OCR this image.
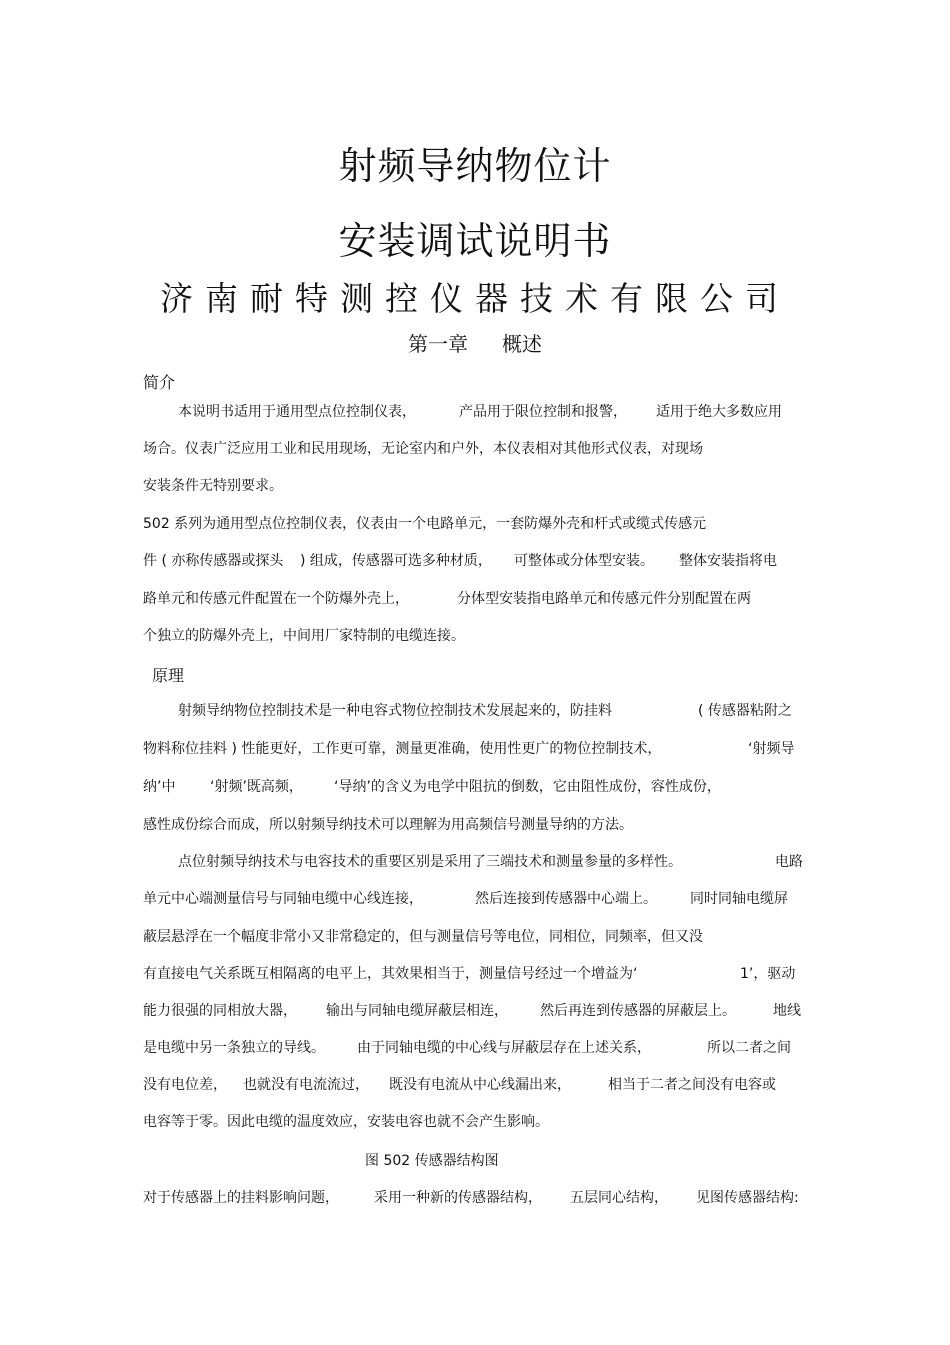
射频导纳物位计
安装调试说明书
济南耐特测控仪器技术有限公司
第一章 概述
简介
本说明书适用于通用型点位控制仪表，	产品用于限位控制和报警， 适用于绝大多数应用
场合。仪表广泛应用工业和民用现场，无论室内和户外，本仪表相对其他形式仪表，对现场
安装条件无特别要求。
502 系列为通用型点位控制仪表，仪表由一个电路单元，一套防爆外壳和杆式或缆式传感元
件 ( 亦称传感器或探头 ) 组成，传感器可选多种材质， 可整体或分体型安装。 整体安装指将电
路单元和传感元件配置在一个防爆外壳上，	分体型安装指电路单元和传感元件分别配置在两
个独立的防爆外壳上，中间用厂家特制的电缆连接。
原理
射频导纳物位控制技术是一种电容式物位控制技术发展起来的，防挂料	( 传感器粘附之
物料称位挂料 ) 性能更好，工作更可靠，测量更准确，使用性更广的物位控制技术，	‘射频导
纳’中 ‘射频’既高频， ‘导纳’的含义为电学中阻抗的倒数，它由阻性成份，容性成份，
感性成份综合而成，所以射频导纳技术可以理解为用高频信号测量导纳的方法。
点位射频导纳技术与电容技术的重要区别是采用了三端技术和测量参量的多样性。	电路
单元中心端测量信号与同轴电缆中心线连接，	然后连接到传感器中心端上。 同时同轴电缆屏
蔽层悬浮在一个幅度非常小又非常稳定的，但与测量信号等电位，同相位，同频率，但又没
有直接电气关系既互相隔离的电平上，其效果相当于，测量信号经过一个增益为‘	1’，驱动
能力很强的同相放大器， 输出与同轴电缆屏蔽层相连， 然后再连到传感器的屏蔽层上。	地线
是电缆中另一条独立的导线。 由于同轴电缆的中心线与屏蔽层存在上述关系，	所以二者之间
没有电位差， 也就没有电流流过， 既没有电流从中心线漏出来，	相当于二者之间没有电容或
电容等于零。因此电缆的温度效应，安装电容也就不会产生影响。
图 502 传感器结构图
对于传感器上的挂料影响问题，	采用一种新的传感器结构， 五层同心结构， 见图传感器结构:
